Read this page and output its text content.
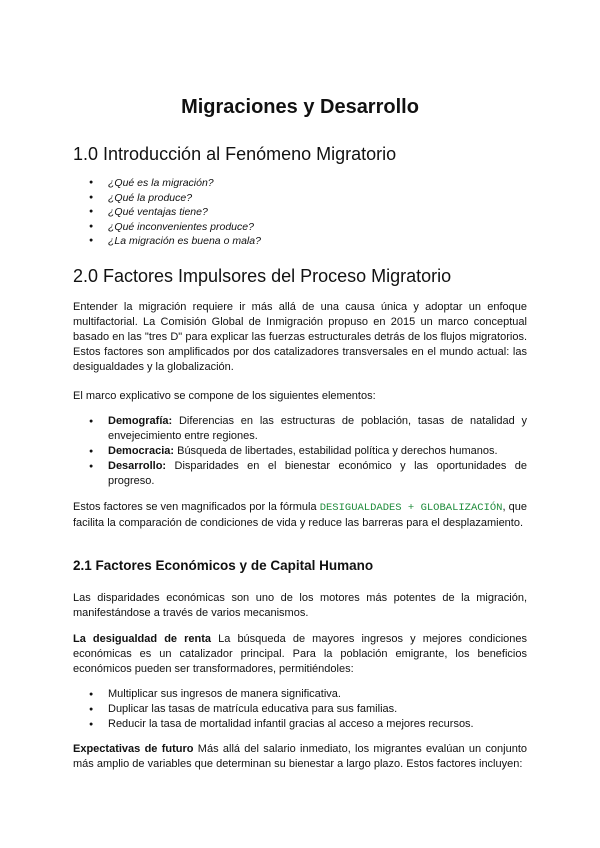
Migraciones y Desarrollo
1.0 Introducción al Fenómeno Migratorio
● ¿Qué es la migración?
● ¿Qué la produce?
● ¿Qué ventajas tiene?
● ¿Qué inconvenientes produce?
● ¿La migración es buena o mala?
2.0 Factores Impulsores del Proceso Migratorio

Entender la migración requiere ir más allá de una causa única y adoptar un enfoque multifactorial. La Comisión Global de Inmigración propuso en 2015 un marco conceptual basado en las "tres D" para explicar las fuerzas estructurales detrás de los flujos migratorios. Estos factores son amplificados por dos catalizadores transversales en el mundo actual: las desigualdades y la globalización.

El marco explicativo se compone de los siguientes elementos:

● Demografía: Diferencias en las estructuras de población, tasas de natalidad y envejecimiento entre regiones.
● Democracia: Búsqueda de libertades, estabilidad política y derechos humanos.
● Desarrollo: Disparidades en el bienestar económico y las oportunidades de progreso.

Estos factores se ven magnificados por la fórmula DESIGUALDADES + GLOBALIZACIÓN, que facilita la comparación de condiciones de vida y reduce las barreras para el desplazamiento.

2.1 Factores Económicos y de Capital Humano

Las disparidades económicas son uno de los motores más potentes de la migración, manifestándose a través de varios mecanismos.

La desigualdad de renta La búsqueda de mayores ingresos y mejores condiciones económicas es un catalizador principal. Para la población emigrante, los beneficios económicos pueden ser transformadores, permitiéndoles:

● Multiplicar sus ingresos de manera significativa.
● Duplicar las tasas de matrícula educativa para sus familias.
● Reducir la tasa de mortalidad infantil gracias al acceso a mejores recursos.

Expectativas de futuro Más allá del salario inmediato, los migrantes evalúan un conjunto más amplio de variables que determinan su bienestar a largo plazo. Estos factores incluyen:
